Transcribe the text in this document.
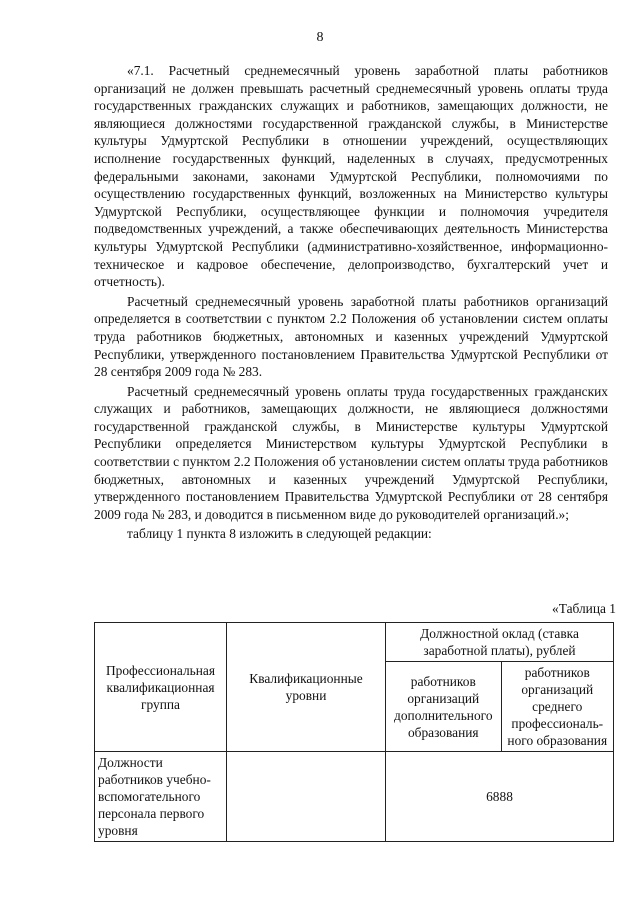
8

«7.1. Расчетный среднемесячный уровень заработной платы работников организаций не должен превышать расчетный среднемесячный уровень оплаты труда государственных гражданских служащих и работников, замещающих должности, не являющиеся должностями государственной гражданской службы, в Министерстве культуры Удмуртской Республики в отношении учреждений, осуществляющих исполнение государственных функций, наделенных в случаях, предусмотренных федеральными законами, законами Удмуртской Республики, полномочиями по осуществлению государственных функций, возложенных на Министерство культуры Удмуртской Республики, осуществляющее функции и полномочия учредителя подведомственных учреждений, а также обеспечивающих деятельность Министерства культуры Удмуртской Республики (административно-хозяйственное, информационно-техническое и кадровое обеспечение, делопроизводство, бухгалтерский учет и отчетность).

Расчетный среднемесячный уровень заработной платы работников организаций определяется в соответствии с пунктом 2.2 Положения об установлении систем оплаты труда работников бюджетных, автономных и казенных учреждений Удмуртской Республики, утвержденного постановлением Правительства Удмуртской Республики от 28 сентября 2009 года № 283.

Расчетный среднемесячный уровень оплаты труда государственных гражданских служащих и работников, замещающих должности, не являющиеся должностями государственной гражданской службы, в Министерстве культуры Удмуртской Республики определяется Министерством культуры Удмуртской Республики в соответствии с пунктом 2.2 Положения об установлении систем оплаты труда работников бюджетных, автономных и казенных учреждений Удмуртской Республики, утвержденного постановлением Правительства Удмуртской Республики от 28 сентября 2009 года № 283, и доводится в письменном виде до руководителей организаций.»;

таблицу 1 пункта 8 изложить в следующей редакции:

«Таблица 1
Профессиональная квалификационная группа	Квалификационные уровни	Должностной оклад (ставка заработной платы), рублей	
		работников организаций дополнительного образования	работников организаций среднего профессиональ-ного образования
Должности работников учебно-вспомогательного персонала первого уровня		6888	
